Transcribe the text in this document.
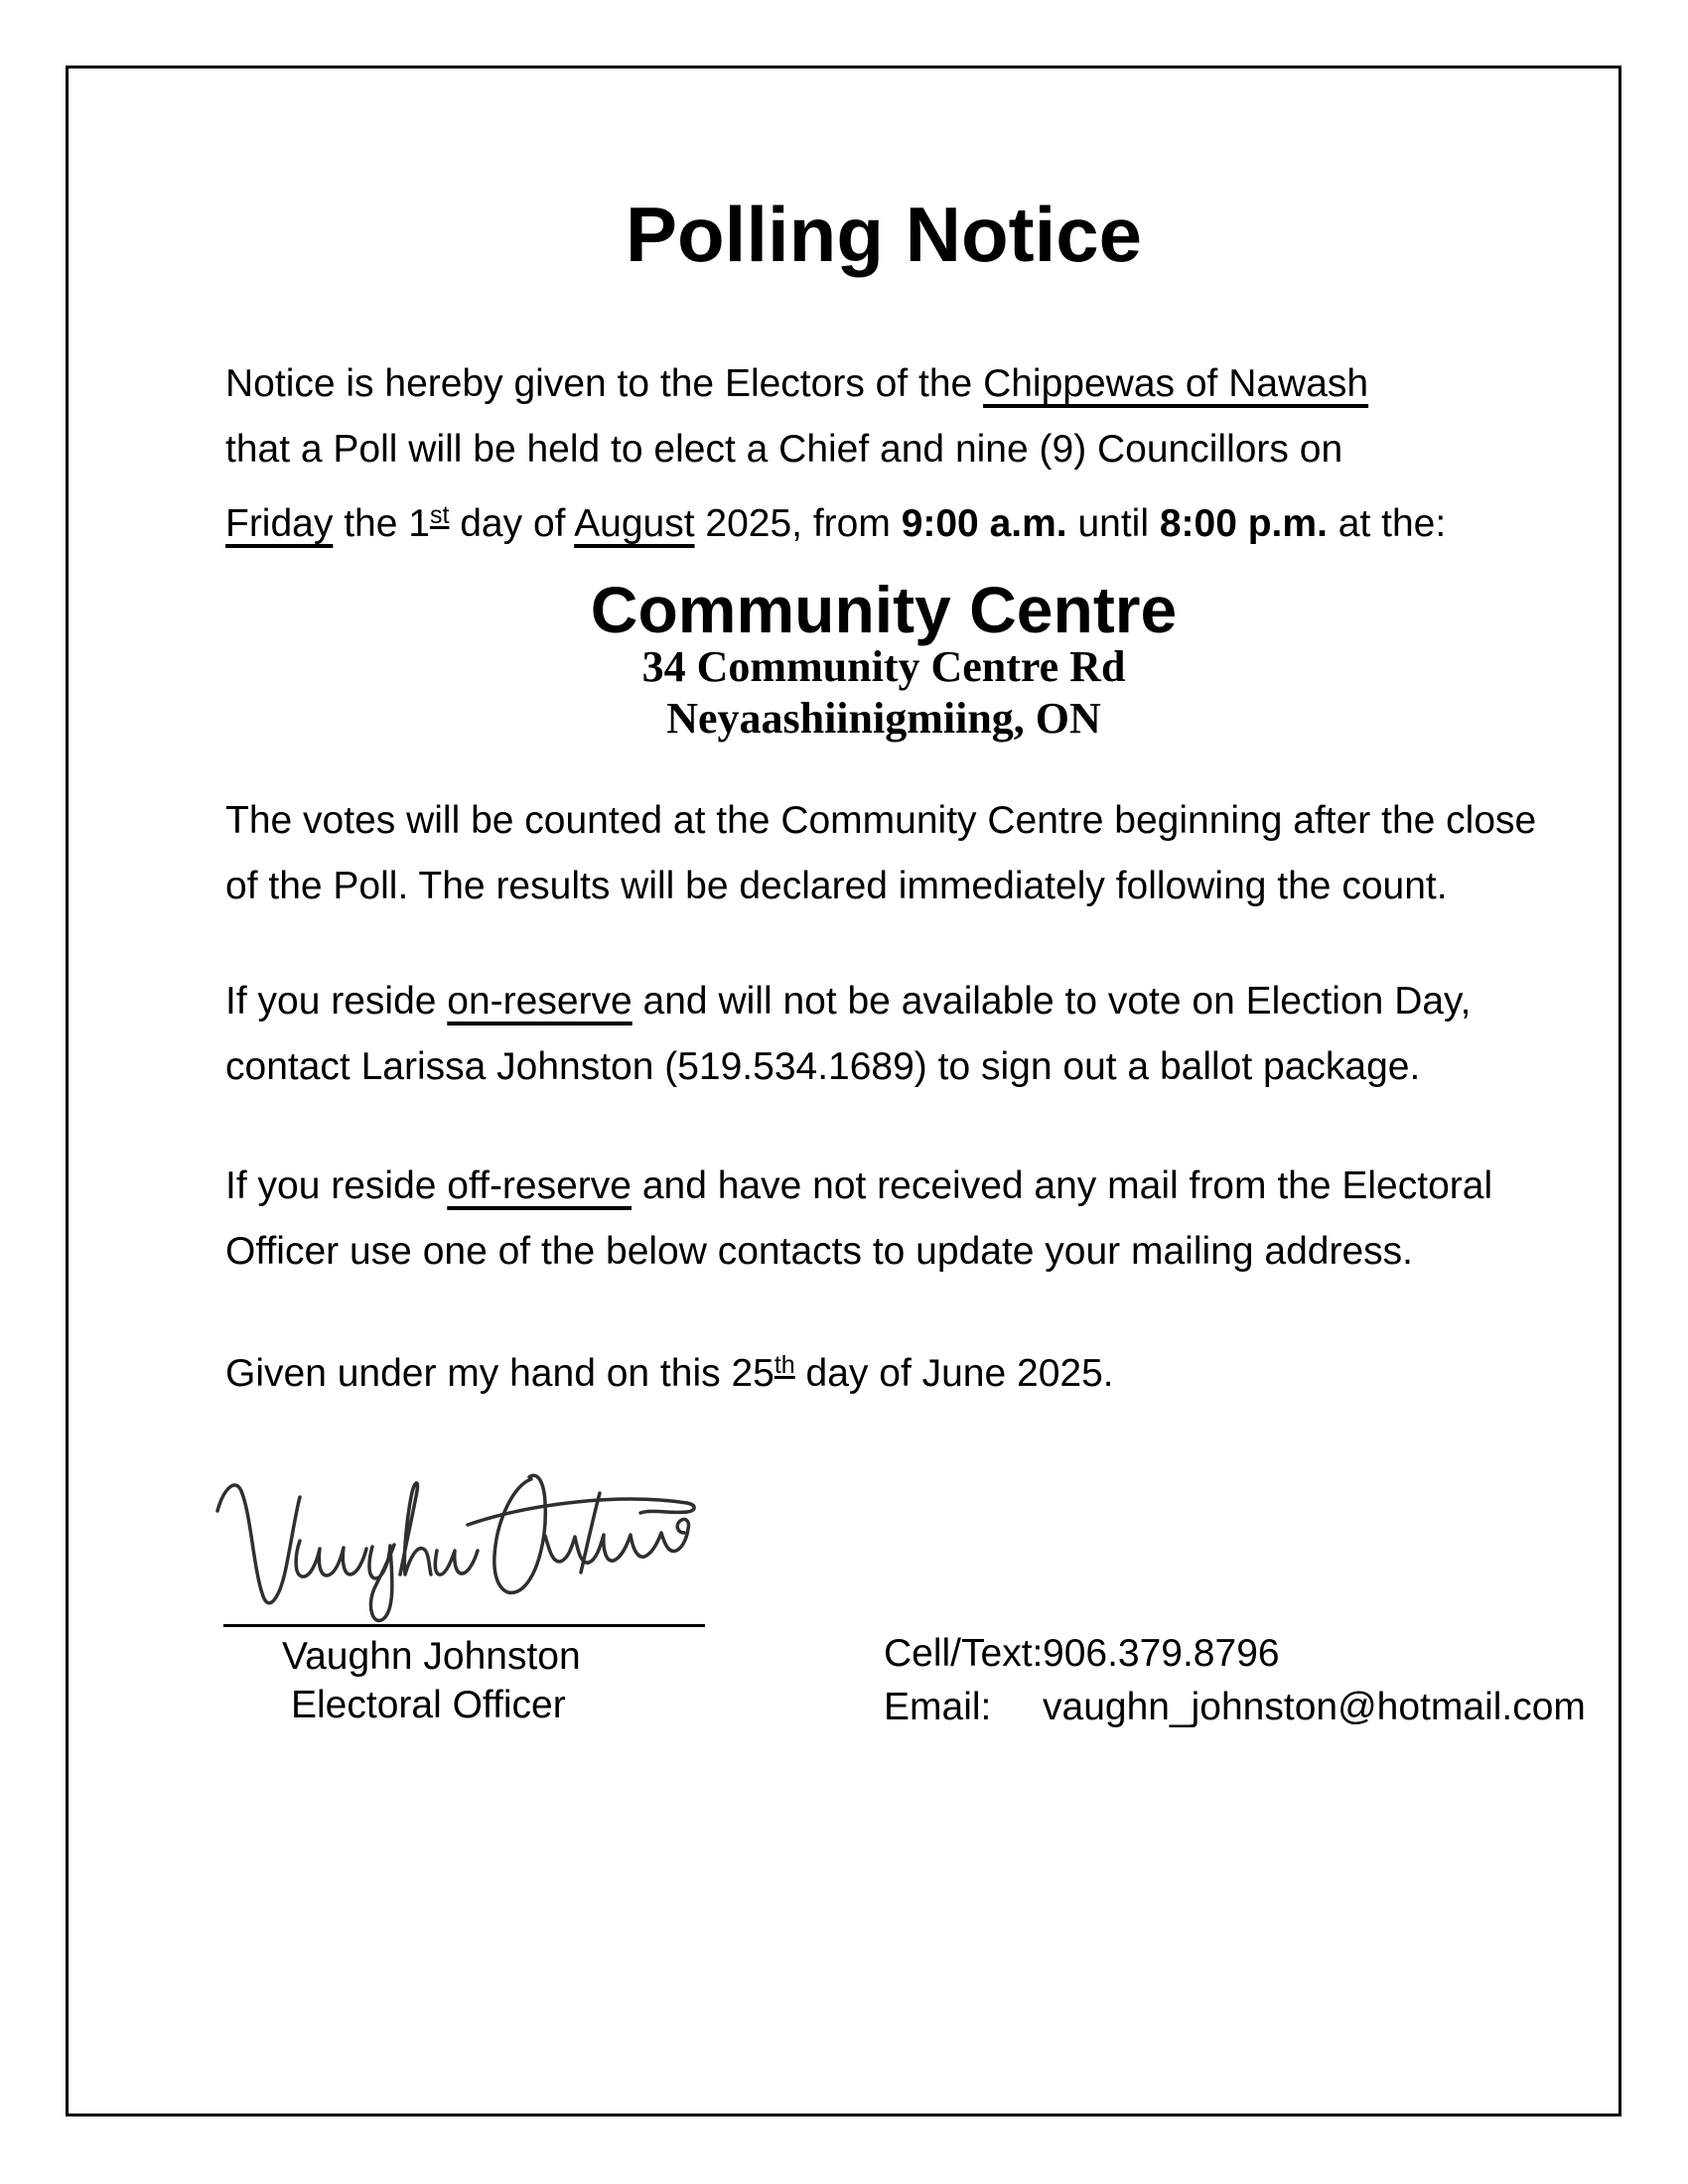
Polling Notice
Notice is hereby given to the Electors of the Chippewas of Nawash
that a Poll will be held to elect a Chief and nine (9) Councillors on
Friday the 1st day of August 2025, from 9:00 a.m. until 8:00 p.m. at the:
Community Centre
34 Community Centre Rd
Neyaashiinigmiing, ON
The votes will be counted at the Community Centre beginning after the close
of the Poll. The results will be declared immediately following the count.
If you reside on-reserve and will not be available to vote on Election Day,
contact Larissa Johnston (519.534.1689) to sign out a ballot package.
If you reside off-reserve and have not received any mail from the Electoral
Officer use one of the below contacts to update your mailing address.
Given under my hand on this 25th day of June 2025.
Vaughn Johnston
Electoral Officer
Cell/Text:906.379.8796
Email: vaughn_johnston@hotmail.com
